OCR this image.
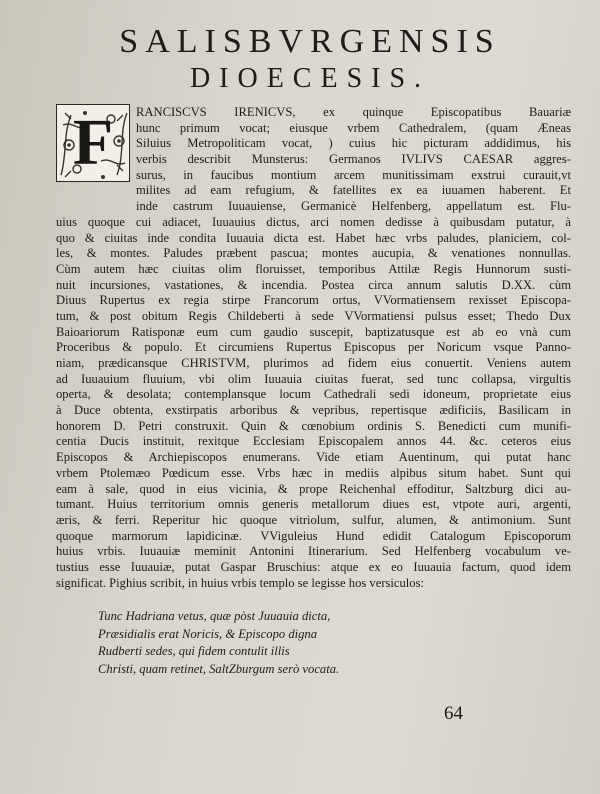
SALISBVRGENSIS
DIOECESIS.
F	RANCISCVS IRENICVS, ex quinque Episcopatibus Bauariæ
hunc primum vocat; eiusque vrbem Cathedralem, (quam Æneas
Siluius Metropoliticam vocat, ) cuius hic picturam addidimus, his
verbis describit Munsterus: Germanos IVLIVS CAESAR aggres-
surus, in faucibus montium arcem munitissimam exstrui curauit,vt
milites ad eam refugium, & fatellites ex ea iuuamen haberent. Et
inde castrum Iuuauiense, Germanicè Helfenberg, appellatum est. Flu-
uius quoque cui adiacet, Iuuauius dictus, arci nomen dedisse à quibusdam putatur, à
quo & ciuitas inde condita Iuuauia dicta est. Habet hæc vrbs paludes, planiciem, col-
les, & montes. Paludes præbent pascua; montes aucupia, & venationes nonnullas.
Cùm autem hæc ciuitas olim floruisset, temporibus Attilæ Regis Hunnorum susti-
nuit incursiones, vastationes, & incendia. Postea circa annum salutis D.XX. cùm
Diuus Rupertus ex regia stirpe Francorum ortus, VVormatiensem rexisset Episcopa-
tum, & post obitum Regis Childeberti à sede VVormatiensi pulsus esset; Thedo Dux
Baioariorum Ratisponæ eum cum gaudio suscepit, baptizatusque est ab eo vnà cum
Proceribus & populo. Et circumiens Rupertus Episcopus per Noricum vsque Panno-
niam, prædicansque CHRISTVM, plurimos ad fidem eius conuertit. Veniens autem
ad Iuuauium fluuium, vbi olim Iuuauia ciuitas fuerat, sed tunc collapsa, virgultis
operta, & desolata; contemplansque locum Cathedrali sedi idoneum, proprietate eius
à Duce obtenta, exstirpatis arboribus & vepribus, repertisque ædificiis, Basilicam in
honorem D. Petri construxit. Quin & cœnobium ordinis S. Benedicti cum munifi-
centia Ducis instituit, rexitque Ecclesiam Episcopalem annos 44. &c. ceteros eius
Episcopos & Archiepiscopos enumerans. Vide etiam Auentinum, qui putat hanc
vrbem Ptolemæo Pœdicum esse. Vrbs hæc in mediis alpibus situm habet. Sunt qui
eam à sale, quod in eius vicinia, & prope Reichenhal effoditur, Saltzburg dici au-
tumant. Huius territorium omnis generis metallorum diues est, vtpote auri, argenti,
æris, & ferri. Reperitur hic quoque vitriolum, sulfur, alumen, & antimonium. Sunt
quoque marmorum lapidicinæ. VViguleius Hund edidit Catalogum Episcoporum
huius vrbis. Iuuauiæ meminit Antonini Itinerarium. Sed Helfenberg vocabulum ve-
tustius esse Iuuauiæ, putat Gaspar Bruschius: atque ex eo Iuuauia factum, quod idem
significat. Pighius scribit, in huius vrbis templo se legisse hos versiculos:
Tunc Hadriana vetus, quæ pòst Juuauia dicta,
Præsidialis erat Noricis, & Episcopo digna
Rudberti sedes, qui fidem contulit illis
Christi, quam retinet, SaltZburgum serò vocata.
64
